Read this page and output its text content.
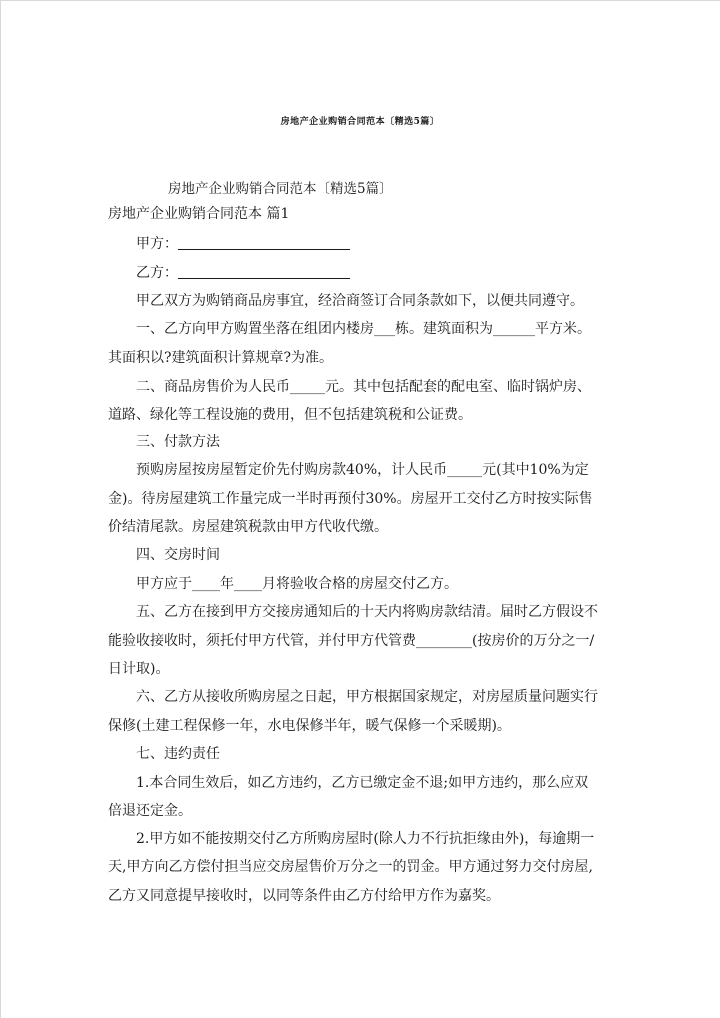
房地产企业购销合同范本〔精选5篇〕
房地产企业购销合同范本〔精选5篇〕
房地产企业购销合同范本 篇1
甲方：
乙方：
甲乙双方为购销商品房事宜，经洽商签订合同条款如下，以便共同遵守。
一、乙方向甲方购置坐落在组团内楼房___栋。建筑面积为______平方米。
其面积以?建筑面积计算规章?为准。
二、商品房售价为人民币_____元。其中包括配套的配电室、临时锅炉房、
道路、绿化等工程设施的费用，但不包括建筑税和公证费。
三、付款方法
预购房屋按房屋暂定价先付购房款40%，计人民币_____元(其中10%为定
金)。待房屋建筑工作量完成一半时再预付30%。房屋开工交付乙方时按实际售
价结清尾款。房屋建筑税款由甲方代收代缴。
四、交房时间
甲方应于____年____月将验收合格的房屋交付乙方。
五、乙方在接到甲方交接房通知后的十天内将购房款结清。届时乙方假设不
能验收接收时，须托付甲方代管，并付甲方代管费________(按房价的万分之一/
日计取)。
六、乙方从接收所购房屋之日起，甲方根据国家规定，对房屋质量问题实行
保修(土建工程保修一年，水电保修半年，暖气保修一个采暖期)。
七、违约责任
1.本合同生效后，如乙方违约，乙方已缴定金不退;如甲方违约，那么应双
倍退还定金。
2.甲方如不能按期交付乙方所购房屋时(除人力不行抗拒缘由外)，每逾期一
天,甲方向乙方偿付担当应交房屋售价万分之一的罚金。甲方通过努力交付房屋,
乙方又同意提早接收时，以同等条件由乙方付给甲方作为嘉奖。
